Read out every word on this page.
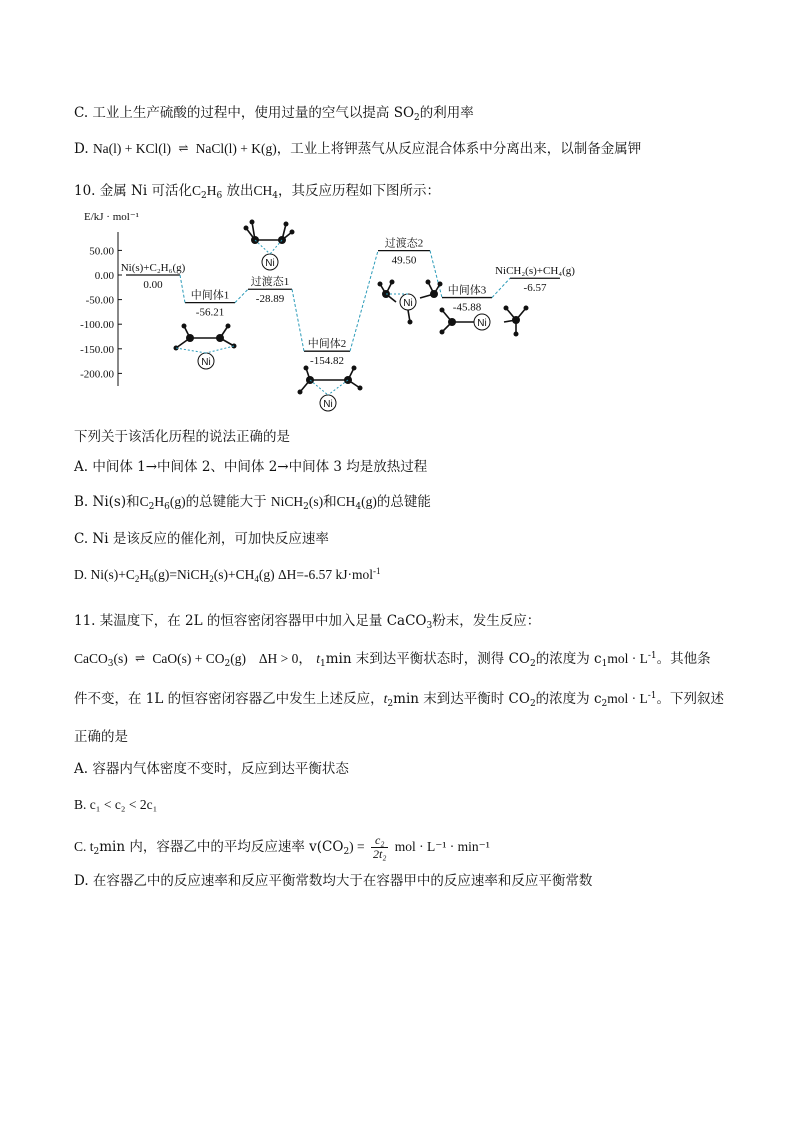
C. 工业上生产硫酸的过程中，使用过量的空气以提高 $SO_2$的利用率
D. Na(l) + KCl(l) ⇌ NaCl(l) + K(g)，工业上将钾蒸气从反应混合体系中分离出来，以制备金属钾
10. 金属 Ni 可活化$C_2H_6$ 放出$CH_4$，其反应历程如下图所示：
E/kJ · mol⁻¹
50.00
0.00
-50.00
-100.00
-150.00
-200.00
Ni(s)+C₂H₆(g)
0.00
中间体1
-56.21
过渡态1
-28.89
中间体2
-154.82
过渡态2
49.50
中间体3
-45.88
NiCH₂(s)+CH₄(g)
-6.57
Ni
Ni
Ni
Ni
Ni
下列关于该活化历程的说法正确的是
A. 中间体 1→中间体 2、中间体 2→中间体 3 均是放热过程
B. Ni(s)和$C_2H_6(g)$的总键能大于 NiCH$_2$(s)和$CH_4(g)$的总键能
C. Ni 是该反应的催化剂，可加快反应速率
D. $Ni(s)+C_2H_6(g)=NiCH_2(s)+CH_4(g)$ ΔH=-6.57 kJ·mol$^{-1}$
11. 某温度下，在 2L 的恒容密闭容器甲中加入足量 CaCO$_3$粉末，发生反应：
CaCO$_3$(s) ⇌ $CaO(s) + CO_2(g) \Delta H > 0$， $t_1\min$ 末到达平衡状态时，测得 $CO_2$的浓度为 $c_1mol \cdot L^{-1}$。其他条
件不变，在 1L 的恒容密闭容器乙中发生上述反应，$t_2\min$ 末到达平衡时 $CO_2$的浓度为 $c_2mol \cdot L^{-1}$。下列叙述
正确的是
A. 容器内气体密度不变时，反应到达平衡状态
B. c₁ < c₂ < 2c₁
C. $t_2\min$ 内，容器乙中的平均反应速率 $v(CO_2) = \frac{\text{c₂}}{\text{2t₂}}$ mol · L⁻¹ · min⁻¹
D. 在容器乙中的反应速率和反应平衡常数均大于在容器甲中的反应速率和反应平衡常数
